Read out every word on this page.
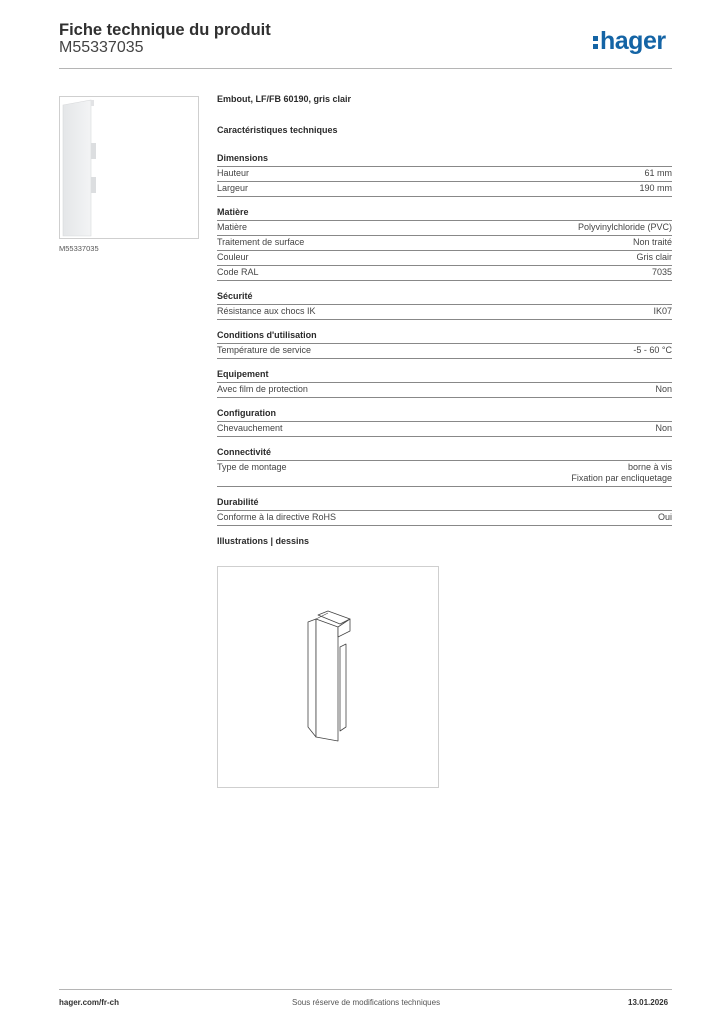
Fiche technique du produit
M55337035	hager
M55337035
Embout, LF/FB 60190, gris clair
Caractéristiques techniques
Dimensions
Hauteur	61 mm
Largeur	190 mm
Matière
Matière	Polyvinylchloride (PVC)
Traitement de surface	Non traité
Couleur	Gris clair
Code RAL	7035
Sécurité
Résistance aux chocs IK	IK07
Conditions d'utilisation
Température de service	-5 - 60 °C
Equipement
Avec film de protection	Non
Configuration
Chevauchement	Non
Connectivité
Type de montage	borne à vis
Fixation par encliquetage
Durabilité
Conforme à la directive RoHS	Oui
Illustrations | dessins
hager.com/fr-ch	Sous réserve de modifications techniques	13.01.2026
